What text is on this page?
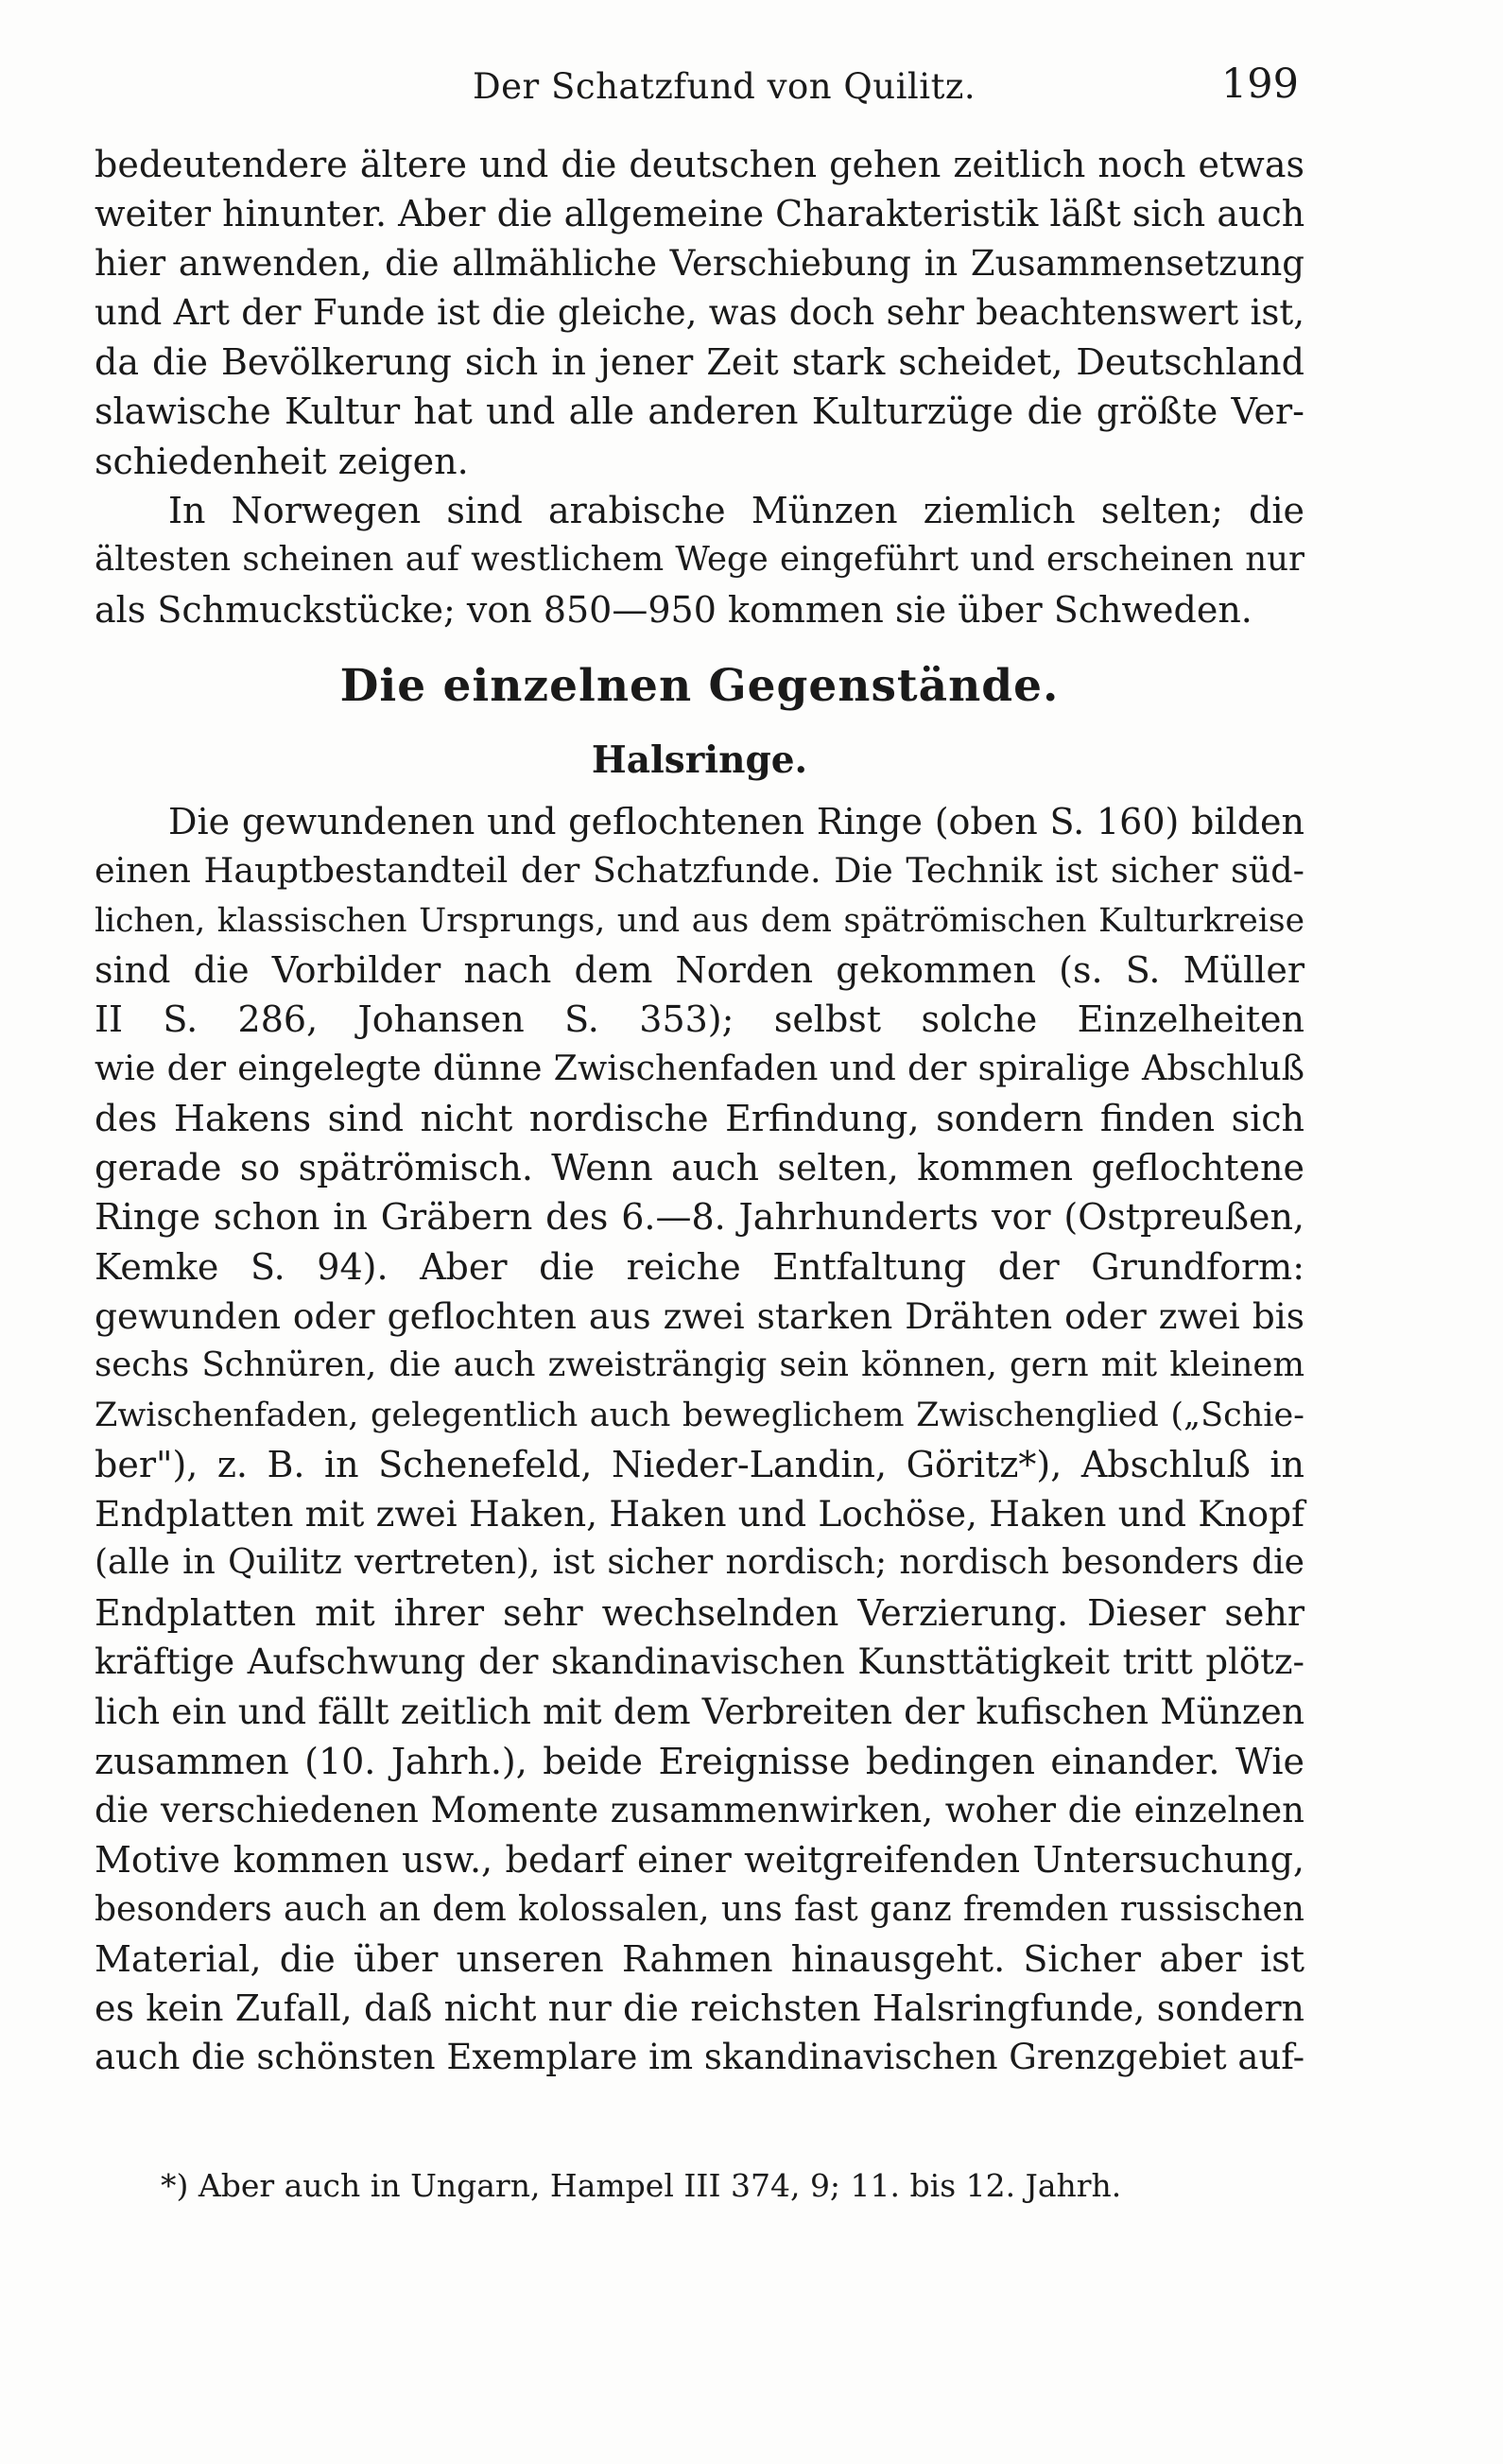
Der Schatzfund von Quilitz.	199
bedeutendere ältere und die deutschen gehen zeitlich noch etwas
weiter hinunter. Aber die allgemeine Charakteristik läßt sich auch
hier anwenden, die allmähliche Verschiebung in Zusammensetzung
und Art der Funde ist die gleiche, was doch sehr beachtenswert ist,
da die Bevölkerung sich in jener Zeit stark scheidet, Deutschland
slawische Kultur hat und alle anderen Kulturzüge die größte Ver-
schiedenheit zeigen.
In Norwegen sind arabische Münzen ziemlich selten; die
ältesten scheinen auf westlichem Wege eingeführt und erscheinen nur
als Schmuckstücke; von 850—950 kommen sie über Schweden.
Die einzelnen Gegenstände.
Halsringe.
Die gewundenen und geflochtenen Ringe (oben S. 160) bilden
einen Hauptbestandteil der Schatzfunde. Die Technik ist sicher süd-
lichen, klassischen Ursprungs, und aus dem spätrömischen Kulturkreise
sind die Vorbilder nach dem Norden gekommen (s. S. Müller
II S. 286, Johansen S. 353); selbst solche Einzelheiten
wie der eingelegte dünne Zwischenfaden und der spiralige Abschluß
des Hakens sind nicht nordische Erfindung, sondern finden sich
gerade so spätrömisch. Wenn auch selten, kommen geflochtene
Ringe schon in Gräbern des 6.—8. Jahrhunderts vor (Ostpreußen,
Kemke S. 94). Aber die reiche Entfaltung der Grundform:
gewunden oder geflochten aus zwei starken Drähten oder zwei bis
sechs Schnüren, die auch zweisträngig sein können, gern mit kleinem
Zwischenfaden, gelegentlich auch beweglichem Zwischenglied („Schie-
ber"), z. B. in Schenefeld, Nieder-Landin, Göritz*), Abschluß in
Endplatten mit zwei Haken, Haken und Lochöse, Haken und Knopf
(alle in Quilitz vertreten), ist sicher nordisch; nordisch besonders die
Endplatten mit ihrer sehr wechselnden Verzierung. Dieser sehr
kräftige Aufschwung der skandinavischen Kunsttätigkeit tritt plötz-
lich ein und fällt zeitlich mit dem Verbreiten der kufischen Münzen
zusammen (10. Jahrh.), beide Ereignisse bedingen einander. Wie
die verschiedenen Momente zusammenwirken, woher die einzelnen
Motive kommen usw., bedarf einer weitgreifenden Untersuchung,
besonders auch an dem kolossalen, uns fast ganz fremden russischen
Material, die über unseren Rahmen hinausgeht. Sicher aber ist
es kein Zufall, daß nicht nur die reichsten Halsringfunde, sondern
auch die schönsten Exemplare im skandinavischen Grenzgebiet auf-
*) Aber auch in Ungarn, Hampel III 374, 9; 11. bis 12. Jahrh.
